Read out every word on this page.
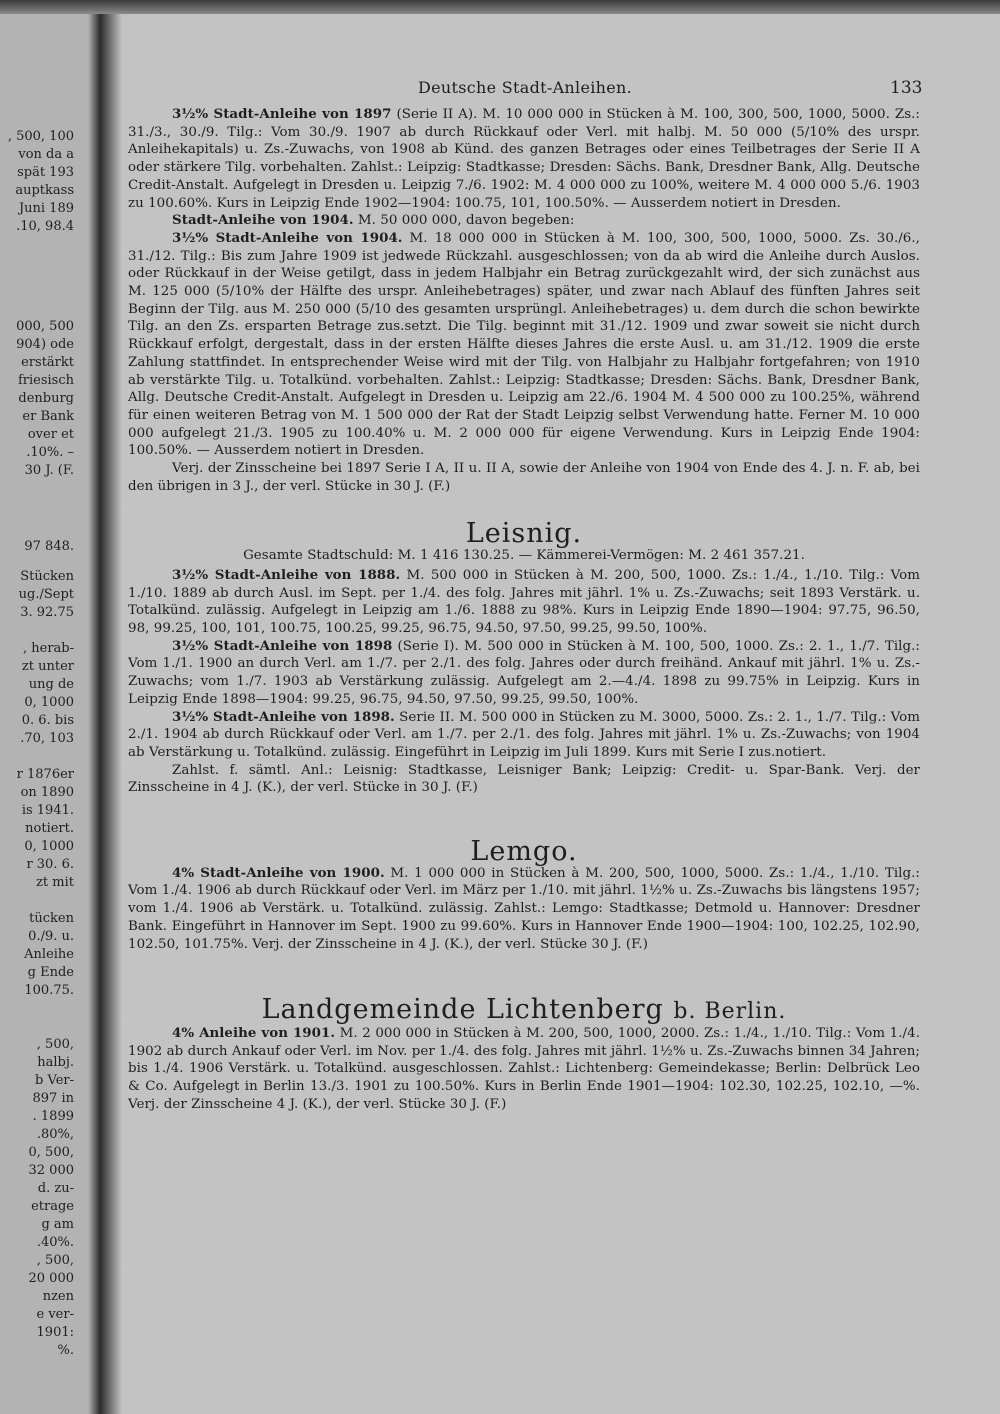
, 500, 100
von da a
spät 193
auptkass
Juni 189
.10, 98.4
000, 500
904) ode
erstärkt
friesisch
denburg
er Bank
over et
.10%. –
30 J. (F.
97 848.
Stücken
ug./Sept
3. 92.75
, herab-
zt unter
ung de
0, 1000
0. 6. bis
.70, 103
r 1876er
on 1890
is 1941.
notiert.
0, 1000
r 30. 6.
zt mit
tücken
0./9. u.
Anleihe
g Ende
100.75.
, 500,
halbj.
b Ver-
897 in
. 1899
.80%,
0, 500,
32 000
d. zu-
etrage
g am
.40%.
, 500,
20 000
nzen
e ver-
1901:
%.
Deutsche Stadt-Anleihen.	133

3½% Stadt-Anleihe von 1897 (Serie II A). M. 10 000 000 in Stücken à M. 100, 300, 500, 1000, 5000. Zs.: 31./3., 30./9. Tilg.: Vom 30./9. 1907 ab durch Rückkauf oder Verl. mit halbj. M. 50 000 (5/10% des urspr. Anleihekapitals) u. Zs.-Zuwachs, von 1908 ab Künd. des ganzen Betrages oder eines Teilbetrages der Serie II A oder stärkere Tilg. vorbehalten. Zahlst.: Leipzig: Stadtkasse; Dresden: Sächs. Bank, Dresdner Bank, Allg. Deutsche Credit-Anstalt. Aufgelegt in Dresden u. Leipzig 7./6. 1902: M. 4 000 000 zu 100%, weitere M. 4 000 000 5./6. 1903 zu 100.60%. Kurs in Leipzig Ende 1902—1904: 100.75, 101, 100.50%. — Ausserdem notiert in Dresden.

Stadt-Anleihe von 1904. M. 50 000 000, davon begeben:

3½% Stadt-Anleihe von 1904. M. 18 000 000 in Stücken à M. 100, 300, 500, 1000, 5000. Zs. 30./6., 31./12. Tilg.: Bis zum Jahre 1909 ist jedwede Rückzahl. ausgeschlossen; von da ab wird die Anleihe durch Auslos. oder Rückkauf in der Weise getilgt, dass in jedem Halbjahr ein Betrag zurückgezahlt wird, der sich zunächst aus M. 125 000 (5/10% der Hälfte des urspr. Anleihebetrages) später, und zwar nach Ablauf des fünften Jahres seit Beginn der Tilg. aus M. 250 000 (5/10 des gesamten ursprüngl. Anleihebetrages) u. dem durch die schon bewirkte Tilg. an den Zs. ersparten Betrage zus.setzt. Die Tilg. beginnt mit 31./12. 1909 und zwar soweit sie nicht durch Rückkauf erfolgt, dergestalt, dass in der ersten Hälfte dieses Jahres die erste Ausl. u. am 31./12. 1909 die erste Zahlung stattfindet. In entsprechender Weise wird mit der Tilg. von Halbjahr zu Halbjahr fortgefahren; von 1910 ab verstärkte Tilg. u. Totalkünd. vorbehalten. Zahlst.: Leipzig: Stadtkasse; Dresden: Sächs. Bank, Dresdner Bank, Allg. Deutsche Credit-Anstalt. Aufgelegt in Dresden u. Leipzig am 22./6. 1904 M. 4 500 000 zu 100.25%, während für einen weiteren Betrag von M. 1 500 000 der Rat der Stadt Leipzig selbst Verwendung hatte. Ferner M. 10 000 000 aufgelegt 21./3. 1905 zu 100.40% u. M. 2 000 000 für eigene Verwendung. Kurs in Leipzig Ende 1904: 100.50%. — Ausserdem notiert in Dresden.

Verj. der Zinsscheine bei 1897 Serie I A, II u. II A, sowie der Anleihe von 1904 von Ende des 4. J. n. F. ab, bei den übrigen in 3 J., der verl. Stücke in 30 J. (F.)

Leisnig.

Gesamte Stadtschuld: M. 1 416 130.25. — Kämmerei-Vermögen: M. 2 461 357.21.

3½% Stadt-Anleihe von 1888. M. 500 000 in Stücken à M. 200, 500, 1000. Zs.: 1./4., 1./10. Tilg.: Vom 1./10. 1889 ab durch Ausl. im Sept. per 1./4. des folg. Jahres mit jährl. 1% u. Zs.-Zuwachs; seit 1893 Verstärk. u. Totalkünd. zulässig. Aufgelegt in Leipzig am 1./6. 1888 zu 98%. Kurs in Leipzig Ende 1890—1904: 97.75, 96.50, 98, 99.25, 100, 101, 100.75, 100.25, 99.25, 96.75, 94.50, 97.50, 99.25, 99.50, 100%.

3½% Stadt-Anleihe von 1898 (Serie I). M. 500 000 in Stücken à M. 100, 500, 1000. Zs.: 2. 1., 1./7. Tilg.: Vom 1./1. 1900 an durch Verl. am 1./7. per 2./1. des folg. Jahres oder durch freihänd. Ankauf mit jährl. 1% u. Zs.-Zuwachs; vom 1./7. 1903 ab Verstärkung zulässig. Aufgelegt am 2.—4./4. 1898 zu 99.75% in Leipzig. Kurs in Leipzig Ende 1898—1904: 99.25, 96.75, 94.50, 97.50, 99.25, 99.50, 100%.

3½% Stadt-Anleihe von 1898. Serie II. M. 500 000 in Stücken zu M. 3000, 5000. Zs.: 2. 1., 1./7. Tilg.: Vom 2./1. 1904 ab durch Rückkauf oder Verl. am 1./7. per 2./1. des folg. Jahres mit jährl. 1% u. Zs.-Zuwachs; von 1904 ab Verstärkung u. Totalkünd. zulässig. Eingeführt in Leipzig im Juli 1899. Kurs mit Serie I zus.notiert.

Zahlst. f. sämtl. Anl.: Leisnig: Stadtkasse, Leisniger Bank; Leipzig: Credit- u. Spar-Bank. Verj. der Zinsscheine in 4 J. (K.), der verl. Stücke in 30 J. (F.)

Lemgo.

4% Stadt-Anleihe von 1900. M. 1 000 000 in Stücken à M. 200, 500, 1000, 5000. Zs.: 1./4., 1./10. Tilg.: Vom 1./4. 1906 ab durch Rückkauf oder Verl. im März per 1./10. mit jährl. 1½% u. Zs.-Zuwachs bis längstens 1957; vom 1./4. 1906 ab Verstärk. u. Totalkünd. zulässig. Zahlst.: Lemgo: Stadtkasse; Detmold u. Hannover: Dresdner Bank. Eingeführt in Hannover im Sept. 1900 zu 99.60%. Kurs in Hannover Ende 1900—1904: 100, 102.25, 102.90, 102.50, 101.75%. Verj. der Zinsscheine in 4 J. (K.), der verl. Stücke 30 J. (F.)

Landgemeinde Lichtenberg b. Berlin.

4% Anleihe von 1901. M. 2 000 000 in Stücken à M. 200, 500, 1000, 2000. Zs.: 1./4., 1./10. Tilg.: Vom 1./4. 1902 ab durch Ankauf oder Verl. im Nov. per 1./4. des folg. Jahres mit jährl. 1½% u. Zs.-Zuwachs binnen 34 Jahren; bis 1./4. 1906 Verstärk. u. Totalkünd. ausgeschlossen. Zahlst.: Lichtenberg: Gemeindekasse; Berlin: Delbrück Leo & Co. Aufgelegt in Berlin 13./3. 1901 zu 100.50%. Kurs in Berlin Ende 1901—1904: 102.30, 102.25, 102.10, —%. Verj. der Zinsscheine 4 J. (K.), der verl. Stücke 30 J. (F.)
